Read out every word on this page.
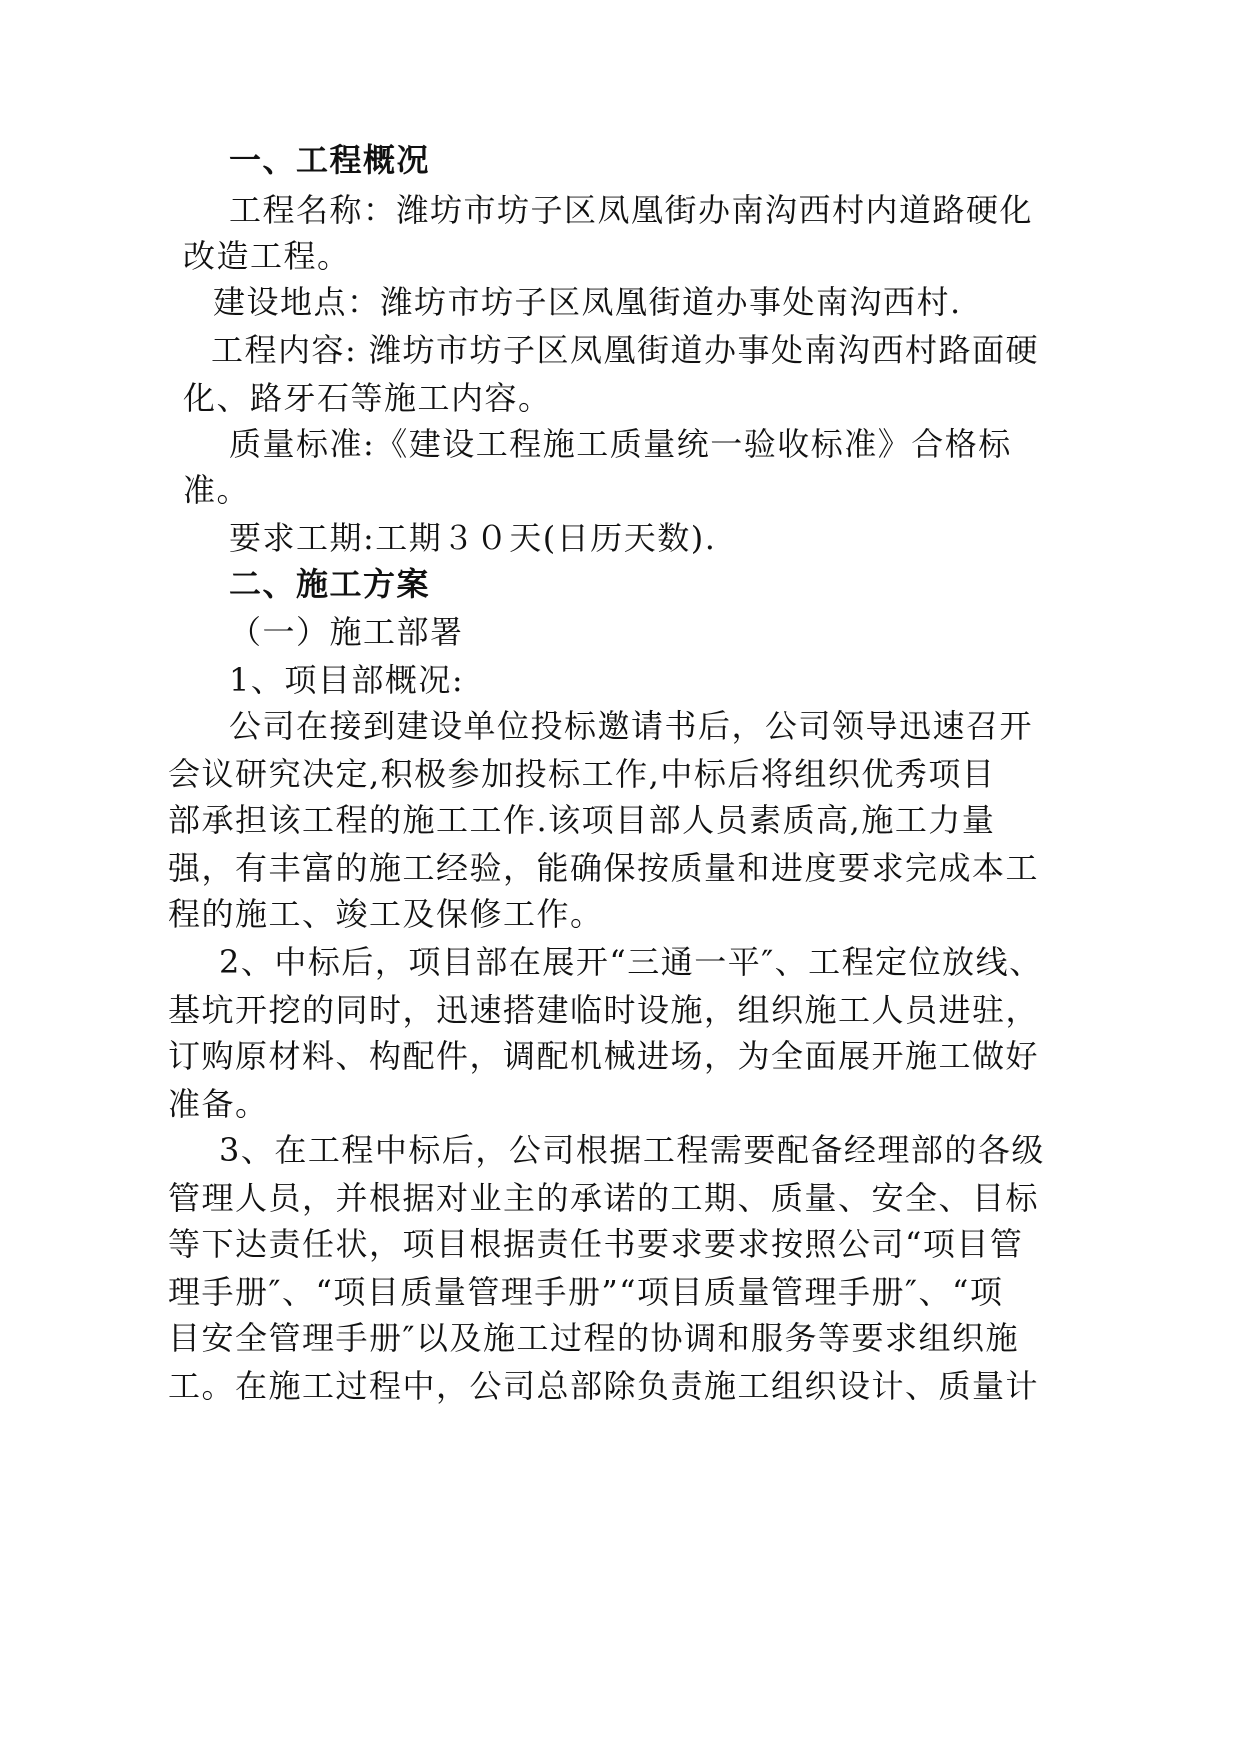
一、工程概况
工程名称：潍坊市坊子区凤凰街办南沟西村内道路硬化
改造工程。
建设地点：潍坊市坊子区凤凰街道办事处南沟西村.
工程内容: 潍坊市坊子区凤凰街道办事处南沟西村路面硬
化、路牙石等施工内容。
质量标准:《建设工程施工质量统一验收标准》合格标
准。
要求工期:工期３０天(日历天数).
二、施工方案
（一）施工部署
1、项目部概况:
公司在接到建设单位投标邀请书后，公司领导迅速召开
会议研究决定,积极参加投标工作,中标后将组织优秀项目
部承担该工程的施工工作.该项目部人员素质高,施工力量
强，有丰富的施工经验，能确保按质量和进度要求完成本工
程的施工、竣工及保修工作。
2、中标后，项目部在展开“三通一平″、工程定位放线、
基坑开挖的同时，迅速搭建临时设施，组织施工人员进驻，
订购原材料、构配件，调配机械进场，为全面展开施工做好
准备。
3、在工程中标后，公司根据工程需要配备经理部的各级
管理人员，并根据对业主的承诺的工期、质量、安全、目标
等下达责任状，项目根据责任书要求要求按照公司“项目管
理手册″、“项目质量管理手册”“项目质量管理手册″、“项
目安全管理手册″以及施工过程的协调和服务等要求组织施
工。在施工过程中，公司总部除负责施工组织设计、质量计
